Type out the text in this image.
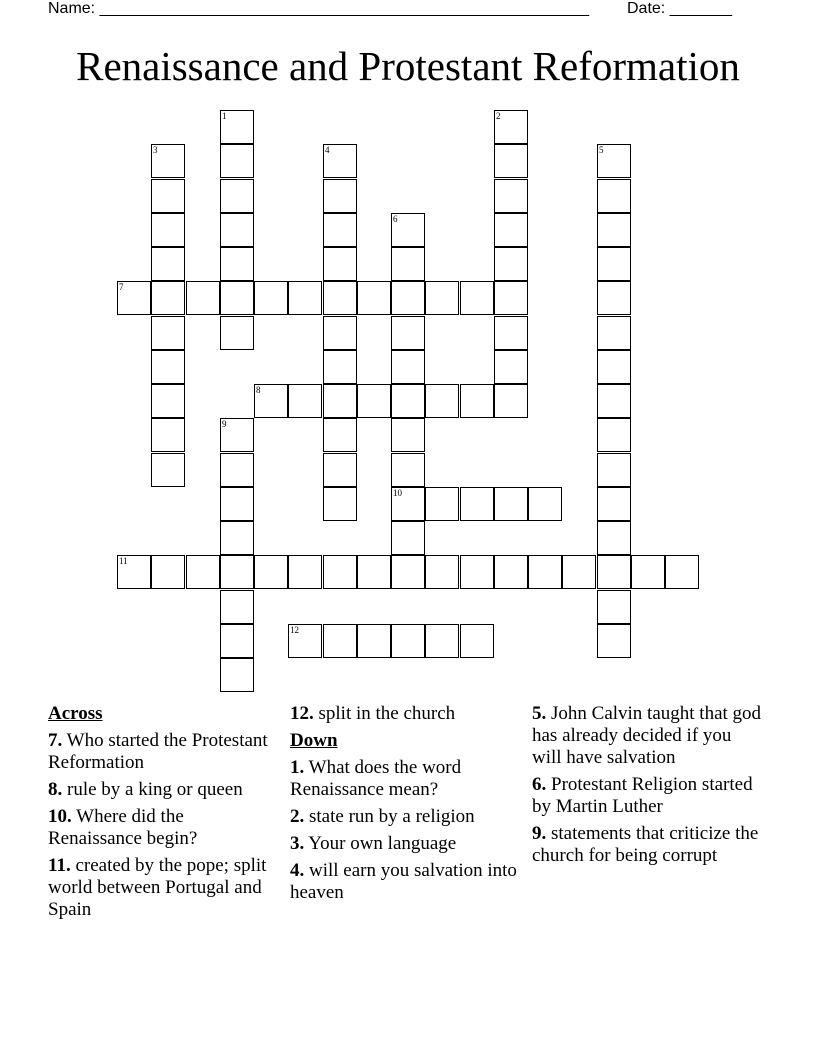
Name: _______________________________________________________ Date: _______
Renaissance and Protestant Reformation
1	2
3	4	5
6
10
7
8
9
11
12
Across
7. Who started the Protestant Reformation
8. rule by a king or queen
10. Where did the Renaissance begin?
11. created by the pope; split world between Portugal and Spain
12. split in the church
Down
1. What does the word Renaissance mean?
2. state run by a religion
3. Your own language
4. will earn you salvation into heaven
5. John Calvin taught that god has already decided if you will have salvation
6. Protestant Religion started by Martin Luther
9. statements that criticize the church for being corrupt
